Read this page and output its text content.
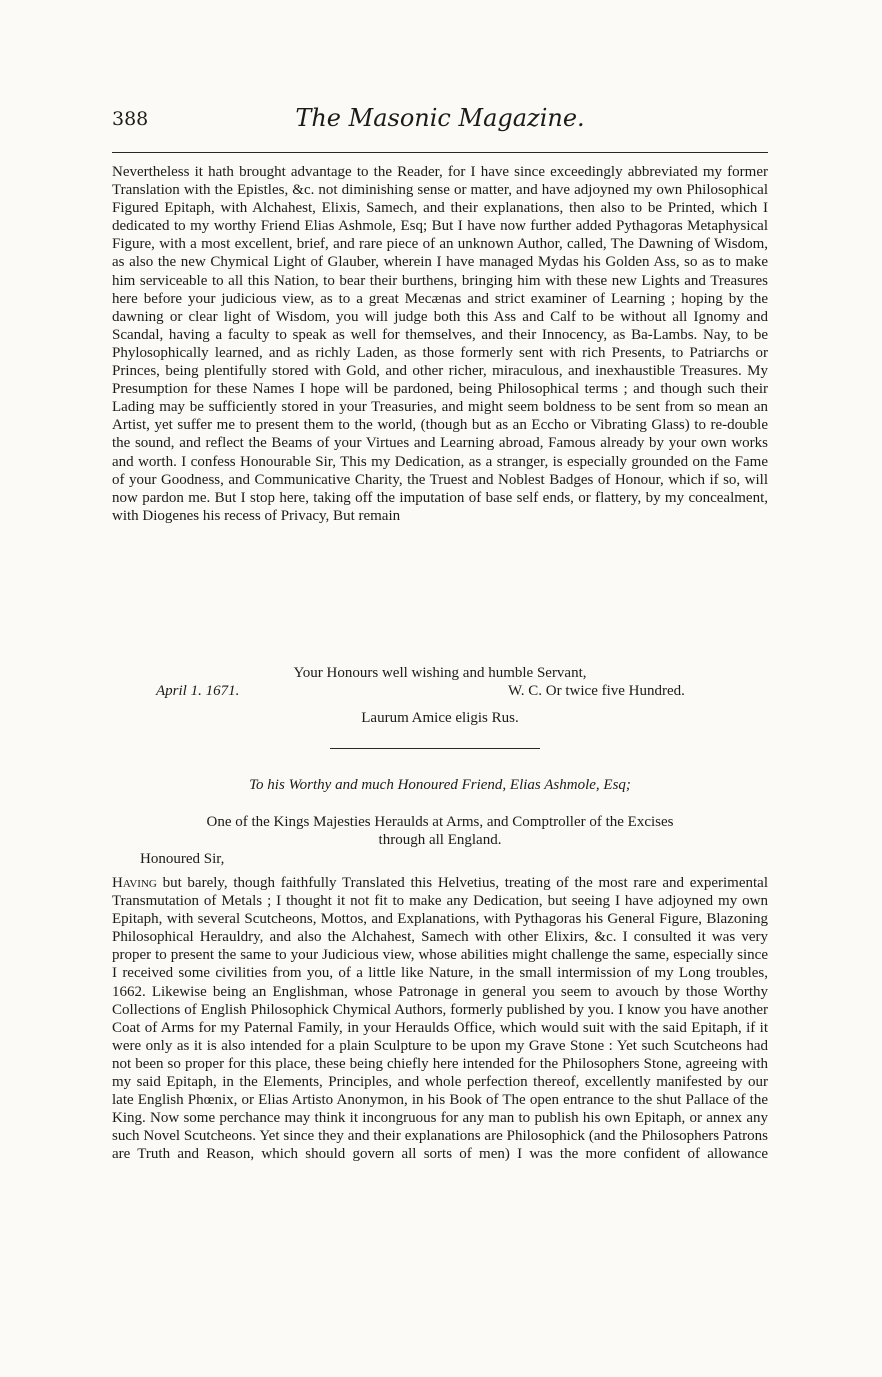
388	The Masonic Magazine.

Nevertheless it hath brought advantage to the Reader, for I have since exceedingly abbreviated my former Translation with the Epistles, &c. not diminishing sense or matter, and have adjoyned my own Philosophical Figured Epitaph, with Alchahest, Elixis, Samech, and their explanations, then also to be Printed, which I dedicated to my worthy Friend Elias Ashmole, Esq; But I have now further added Pythagoras Metaphysical Figure, with a most excellent, brief, and rare piece of an unknown Author, called, The Dawning of Wisdom, as also the new Chymical Light of Glauber, wherein I have managed Mydas his Golden Ass, so as to make him serviceable to all this Nation, to bear their burthens, bringing him with these new Lights and Treasures here before your judicious view, as to a great Mecænas and strict examiner of Learning ; hoping by the dawning or clear light of Wisdom, you will judge both this Ass and Calf to be without all Ignomy and Scandal, having a faculty to speak as well for themselves, and their Innocency, as Ba-Lambs. Nay, to be Phylosophically learned, and as richly Laden, as those formerly sent with rich Presents, to Patriarchs or Princes, being plentifully stored with Gold, and other richer, miraculous, and inexhaustible Treasures. My Presumption for these Names I hope will be pardoned, being Philosophical terms ; and though such their Lading may be sufficiently stored in your Treasuries, and might seem boldness to be sent from so mean an Artist, yet suffer me to present them to the world, (though but as an Eccho or Vibrating Glass) to re-double the sound, and reflect the Beams of your Virtues and Learning abroad, Famous already by your own works and worth. I confess Honourable Sir, This my Dedication, as a stranger, is especially grounded on the Fame of your Goodness, and Communicative Charity, the Truest and Noblest Badges of Honour, which if so, will now pardon me. But I stop here, taking off the imputation of base self ends, or flattery, by my concealment, with Diogenes his recess of Privacy, But remain

Your Honours well wishing and humble Servant,
April 1. 1671.	W. C. Or twice five Hundred.
Laurum Amice eligis Rus.
To his Worthy and much Honoured Friend, Elias Ashmole, Esq;
One of the Kings Majesties Heraulds at Arms, and Comptroller of the Excises
through all England.
Honoured Sir,

Having but barely, though faithfully Translated this Helvetius, treating of the most rare and experimental Transmutation of Metals ; I thought it not fit to make any Dedication, but seeing I have adjoyned my own Epitaph, with several Scutcheons, Mottos, and Explanations, with Pythagoras his General Figure, Blazoning Philosophical Herauldry, and also the Alchahest, Samech with other Elixirs, &c. I consulted it was very proper to present the same to your Judicious view, whose abilities might challenge the same, especially since I received some civilities from you, of a little like Nature, in the small intermission of my Long troubles, 1662. Likewise being an Englishman, whose Patronage in general you seem to avouch by those Worthy Collections of English Philosophick Chymical Authors, formerly published by you. I know you have another Coat of Arms for my Paternal Family, in your Heraulds Office, which would suit with the said Epitaph, if it were only as it is also intended for a plain Sculpture to be upon my Grave Stone : Yet such Scutcheons had not been so proper for this place, these being chiefly here intended for the Philosophers Stone, agreeing with my said Epitaph, in the Elements, Principles, and whole perfection thereof, excellently manifested by our late English Phœnix, or Elias Artisto Anonymon, in his Book of The open entrance to the shut Pallace of the King. Now some perchance may think it incongruous for any man to publish his own Epitaph, or annex any such Novel Scutcheons. Yet since they and their explanations are Philosophick (and the Philosophers Patrons are Truth and Reason, which should govern all sorts of men) I was the more confident of allowance
